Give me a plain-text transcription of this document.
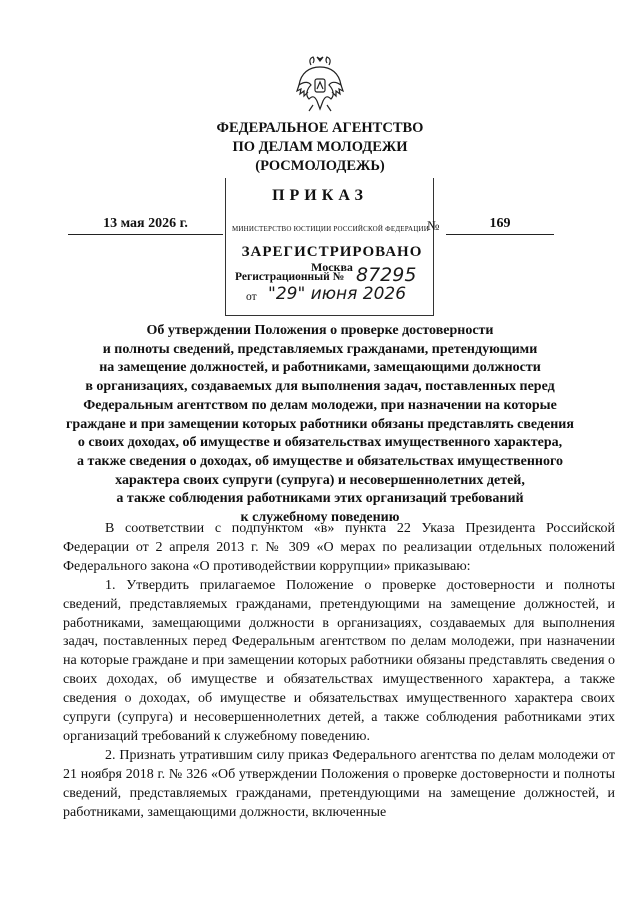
ФЕДЕРАЛЬНОЕ АГЕНТСТВО
ПО ДЕЛАМ МОЛОДЕЖИ
(РОСМОЛОДЕЖЬ)
ПРИКАЗ
13 мая 2026 г.	№	169
МИНИСТЕРСТВО ЮСТИЦИИ РОССИЙСКОЙ ФЕДЕРАЦИИ
ЗАРЕГИСТРИРОВАНО
Москва
Регистрационный № 87295
от "29" июня 2026
Об утверждении Положения о проверке достоверности
и полноты сведений, представляемых гражданами, претендующими
на замещение должностей, и работниками, замещающими должности
в организациях, создаваемых для выполнения задач, поставленных перед
Федеральным агентством по делам молодежи, при назначении на которые
граждане и при замещении которых работники обязаны представлять сведения
о своих доходах, об имуществе и обязательствах имущественного характера,
а также сведения о доходах, об имуществе и обязательствах имущественного
характера своих супруги (супруга) и несовершеннолетних детей,
а также соблюдения работниками этих организаций требований
к служебному поведению

В соответствии с подпунктом «в» пункта 22 Указа Президента Российской Федерации от 2 апреля 2013 г. № 309 «О мерах по реализации отдельных положений Федерального закона «О противодействии коррупции» приказываю:

1. Утвердить прилагаемое Положение о проверке достоверности и полноты сведений, представляемых гражданами, претендующими на замещение должностей, и работниками, замещающими должности в организациях, создаваемых для выполнения задач, поставленных перед Федеральным агентством по делам молодежи, при назначении на которые граждане и при замещении которых работники обязаны представлять сведения о своих доходах, об имуществе и обязательствах имущественного характера, а также сведения о доходах, об имуществе и обязательствах имущественного характера своих супруги (супруга) и несовершеннолетних детей, а также соблюдения работниками этих организаций требований к служебному поведению.

2. Признать утратившим силу приказ Федерального агентства по делам молодежи от 21 ноября 2018 г. № 326 «Об утверждении Положения о проверке достоверности и полноты сведений, представляемых гражданами, претендующими на замещение должностей, и работниками, замещающими должности, включенные
